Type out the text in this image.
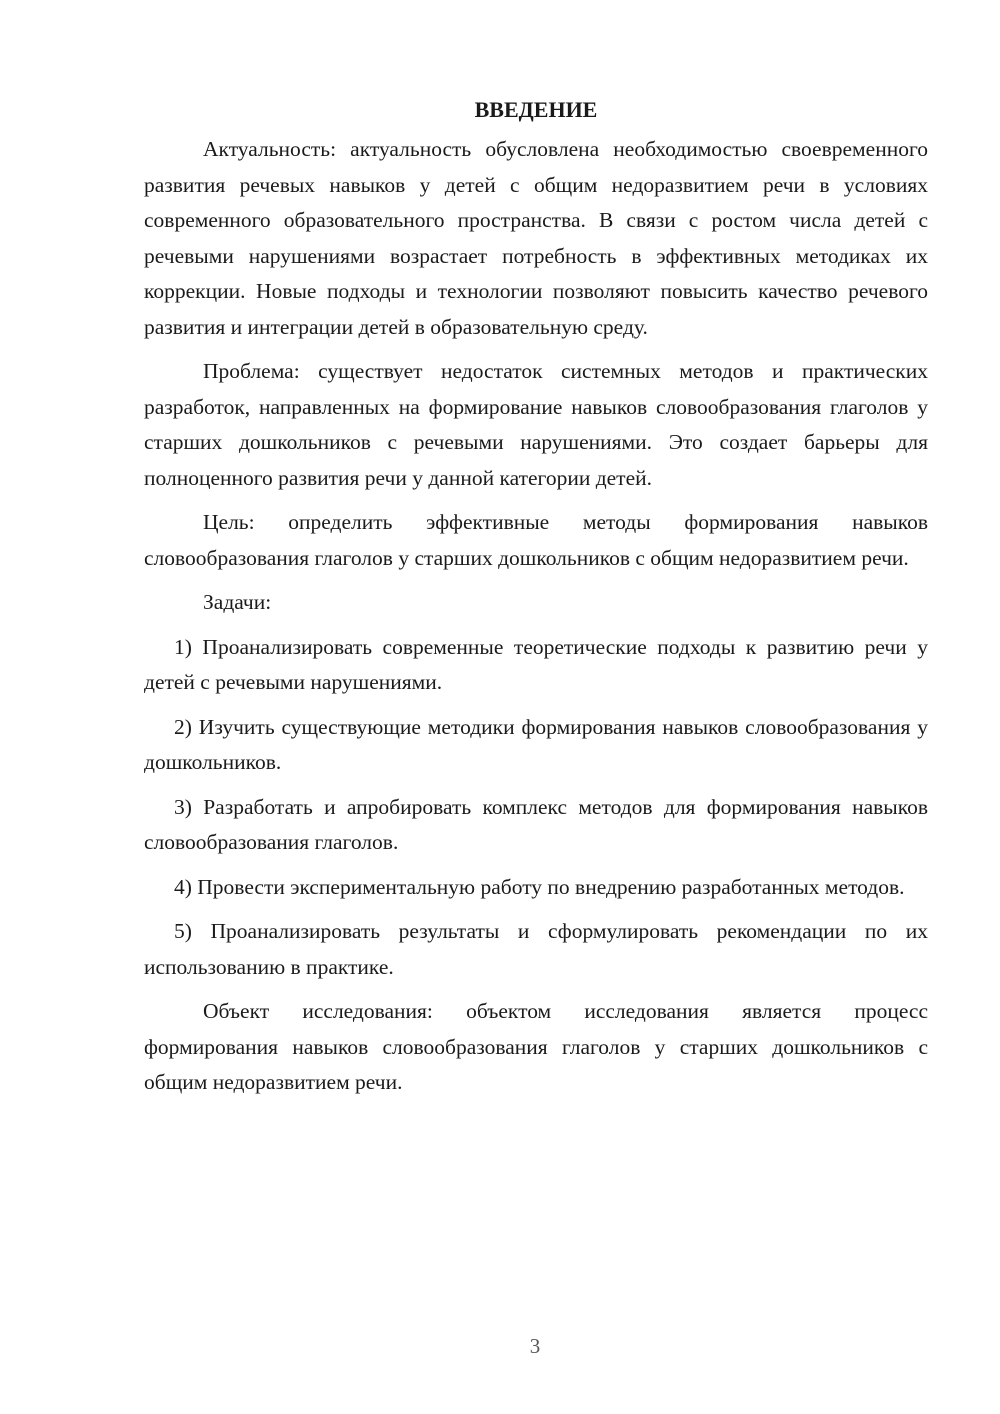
ВВЕДЕНИЕ

Актуальность: актуальность обусловлена необходимостью своевременного развития речевых навыков у детей с общим недоразвитием речи в условиях современного образовательного пространства. В связи с ростом числа детей с речевыми нарушениями возрастает потребность в эффективных методиках их коррекции. Новые подходы и технологии позволяют повысить качество речевого развития и интеграции детей в образовательную среду.

Проблема: существует недостаток системных методов и практических разработок, направленных на формирование навыков словообразования глаголов у старших дошкольников с речевыми нарушениями. Это создает барьеры для полноценного развития речи у данной категории детей.

Цель: определить эффективные методы формирования навыков словообразования глаголов у старших дошкольников с общим недоразвитием речи.

Задачи:

1) Проанализировать современные теоретические подходы к развитию речи у детей с речевыми нарушениями.

2) Изучить существующие методики формирования навыков словообразования у дошкольников.

3) Разработать и апробировать комплекс методов для формирования навыков словообразования глаголов.

4) Провести экспериментальную работу по внедрению разработанных методов.

5) Проанализировать результаты и сформулировать рекомендации по их использованию в практике.

Объект исследования: объектом исследования является процесс формирования навыков словообразования глаголов у старших дошкольников с общим недоразвитием речи.

3
